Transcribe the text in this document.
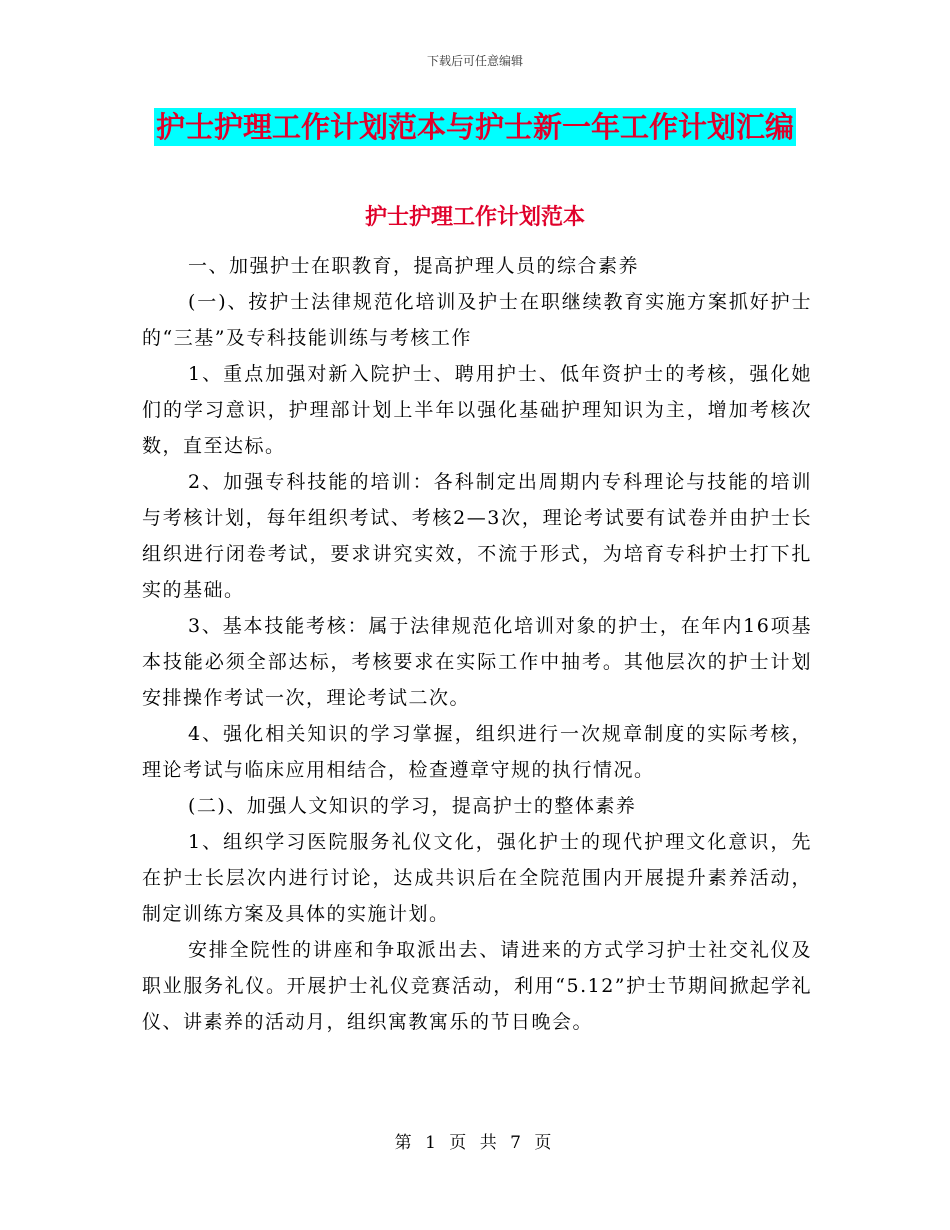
下载后可任意编辑
护士护理工作计划范本与护士新一年工作计划汇编
护士护理工作计划范本

一、加强护士在职教育，提高护理人员的综合素养

(一)、按护士法律规范化培训及护士在职继续教育实施方案抓好护士的“三基”及专科技能训练与考核工作

1、重点加强对新入院护士、聘用护士、低年资护士的考核，强化她们的学习意识，护理部计划上半年以强化基础护理知识为主，增加考核次数，直至达标。

2、加强专科技能的培训：各科制定出周期内专科理论与技能的培训与考核计划，每年组织考试、考核2—3次，理论考试要有试卷并由护士长组织进行闭卷考试，要求讲究实效，不流于形式，为培育专科护士打下扎实的基础。

3、基本技能考核：属于法律规范化培训对象的护士，在年内16项基本技能必须全部达标，考核要求在实际工作中抽考。其他层次的护士计划安排操作考试一次，理论考试二次。

4、强化相关知识的学习掌握，组织进行一次规章制度的实际考核，理论考试与临床应用相结合，检查遵章守规的执行情况。

(二)、加强人文知识的学习，提高护士的整体素养

1、组织学习医院服务礼仪文化，强化护士的现代护理文化意识，先在护士长层次内进行讨论，达成共识后在全院范围内开展提升素养活动，制定训练方案及具体的实施计划。

安排全院性的讲座和争取派出去、请进来的方式学习护士社交礼仪及职业服务礼仪。开展护士礼仪竞赛活动，利用“5.12”护士节期间掀起学礼仪、讲素养的活动月，组织寓教寓乐的节日晚会。

第 1 页 共 7 页
